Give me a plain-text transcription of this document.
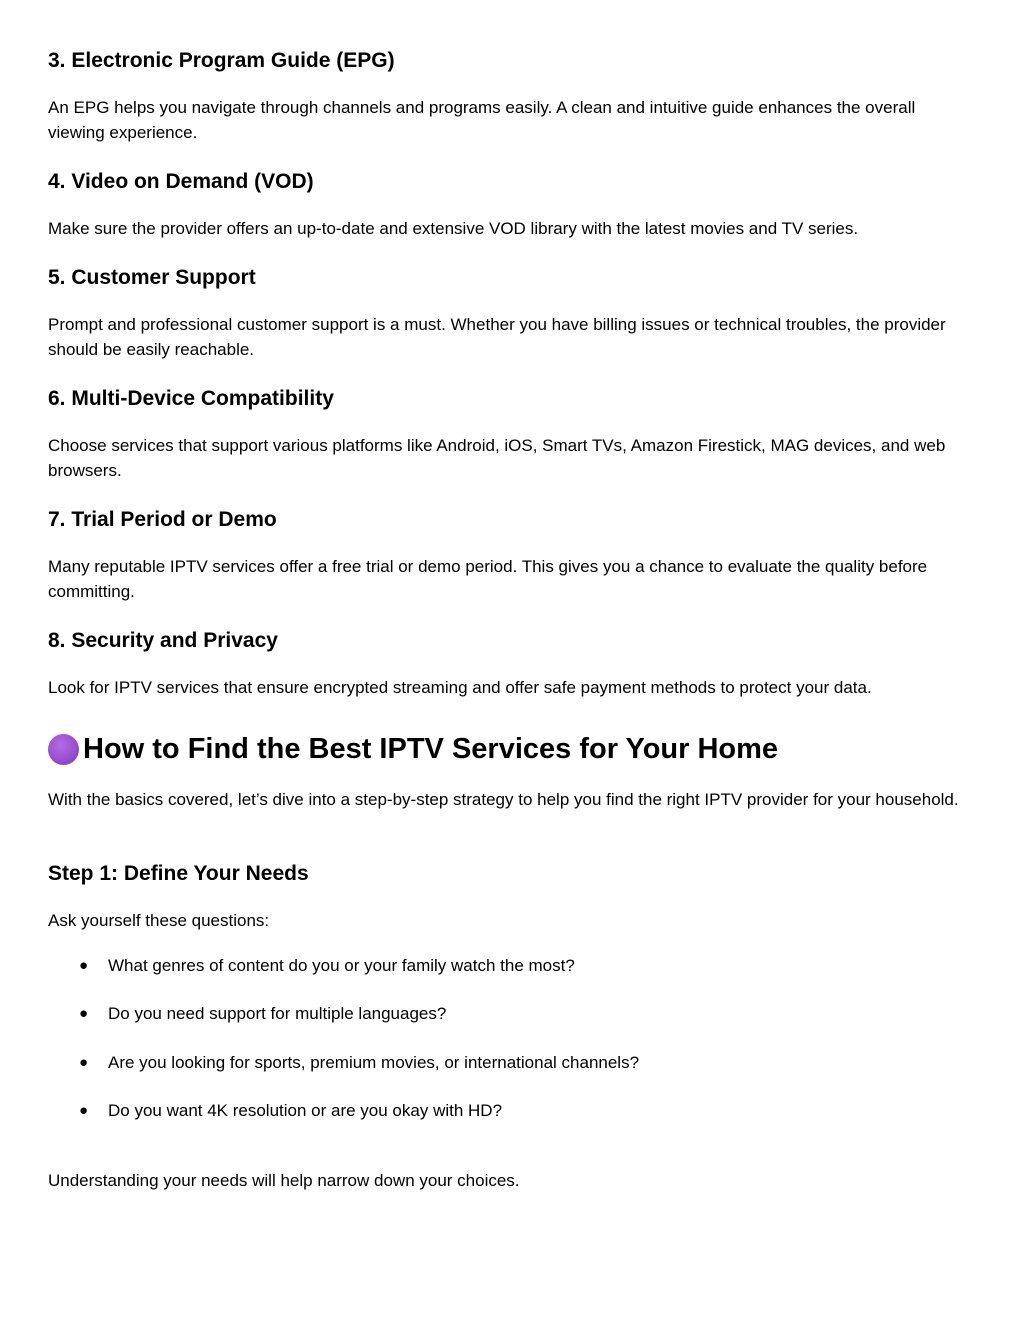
3. Electronic Program Guide (EPG)
An EPG helps you navigate through channels and programs easily. A clean and intuitive guide enhances the overall viewing experience.
4. Video on Demand (VOD)
Make sure the provider offers an up-to-date and extensive VOD library with the latest movies and TV series.
5. Customer Support
Prompt and professional customer support is a must. Whether you have billing issues or technical troubles, the provider should be easily reachable.
6. Multi-Device Compatibility
Choose services that support various platforms like Android, iOS, Smart TVs, Amazon Firestick, MAG devices, and web browsers.
7. Trial Period or Demo
Many reputable IPTV services offer a free trial or demo period. This gives you a chance to evaluate the quality before committing.
8. Security and Privacy
Look for IPTV services that ensure encrypted streaming and offer safe payment methods to protect your data.
How to Find the Best IPTV Services for Your Home
With the basics covered, let’s dive into a step-by-step strategy to help you find the right IPTV provider for your household.
Step 1: Define Your Needs
Ask yourself these questions:
● What genres of content do you or your family watch the most?
● Do you need support for multiple languages?
● Are you looking for sports, premium movies, or international channels?
● Do you want 4K resolution or are you okay with HD?
Understanding your needs will help narrow down your choices.
